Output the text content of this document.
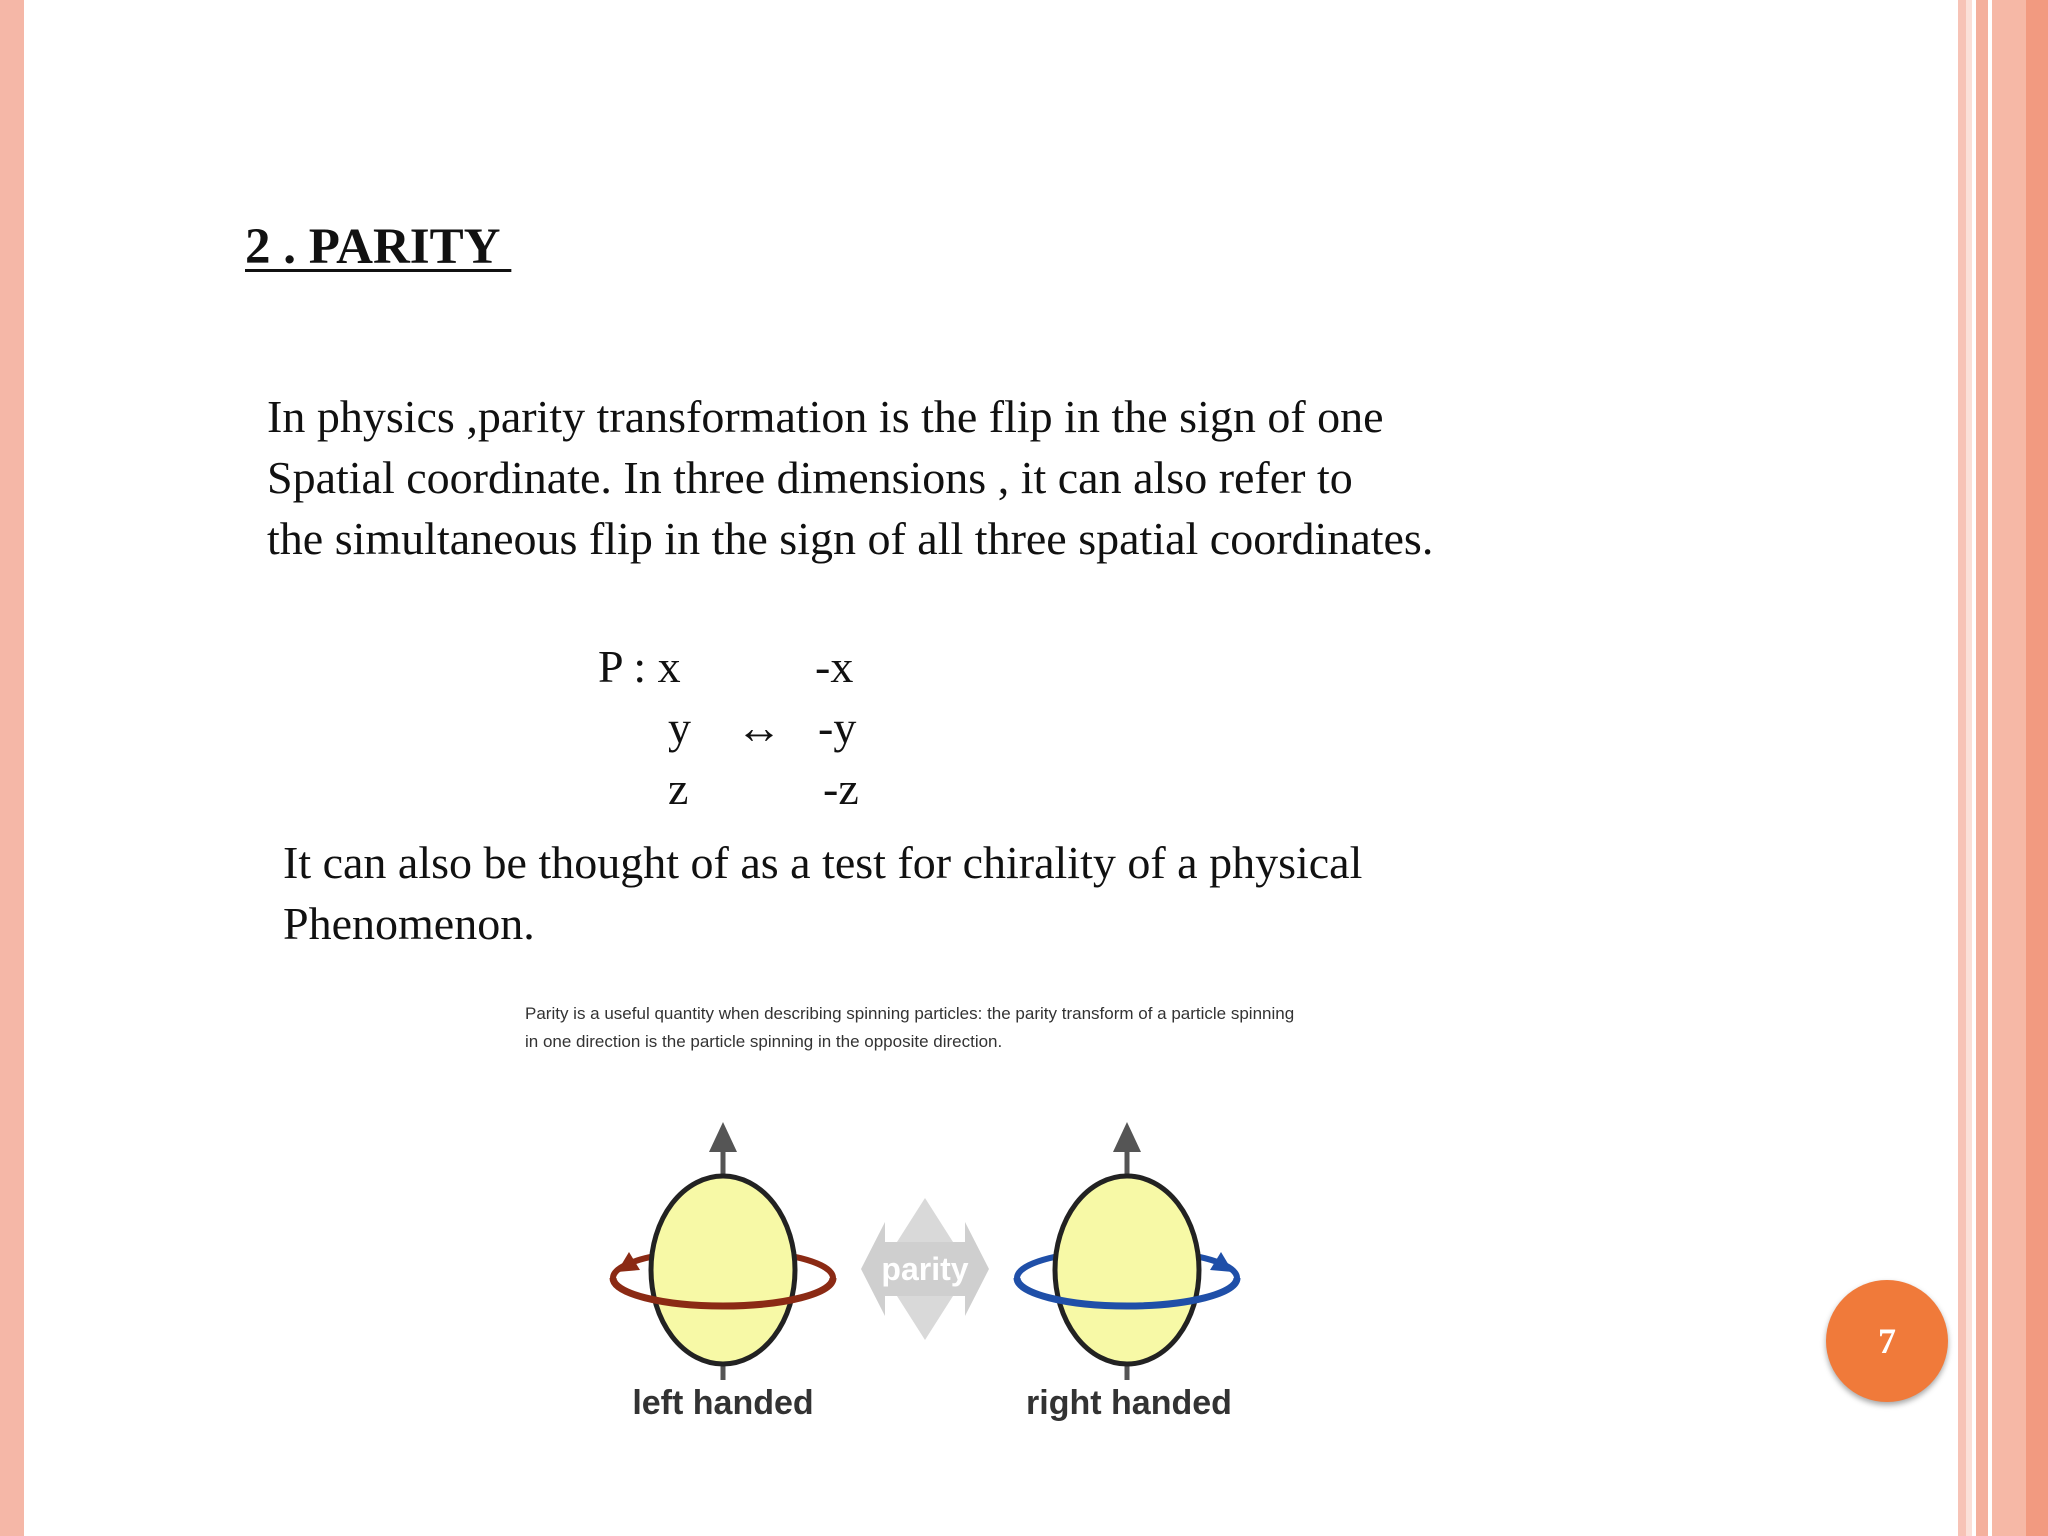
2 . PARITY
In physics ,parity transformation is the flip in the sign of one
Spatial coordinate. In three dimensions , it can also refer to
the simultaneous flip in the sign of all three spatial coordinates.
P : x
y
z
↔
-x
-y
-z
It can also be thought of as a test for chirality of a physical
Phenomenon.
Parity is a useful quantity when describing spinning particles: the parity transform of a particle spinning
in one direction is the particle spinning in the opposite direction.
parity
left handed	right handed
7
